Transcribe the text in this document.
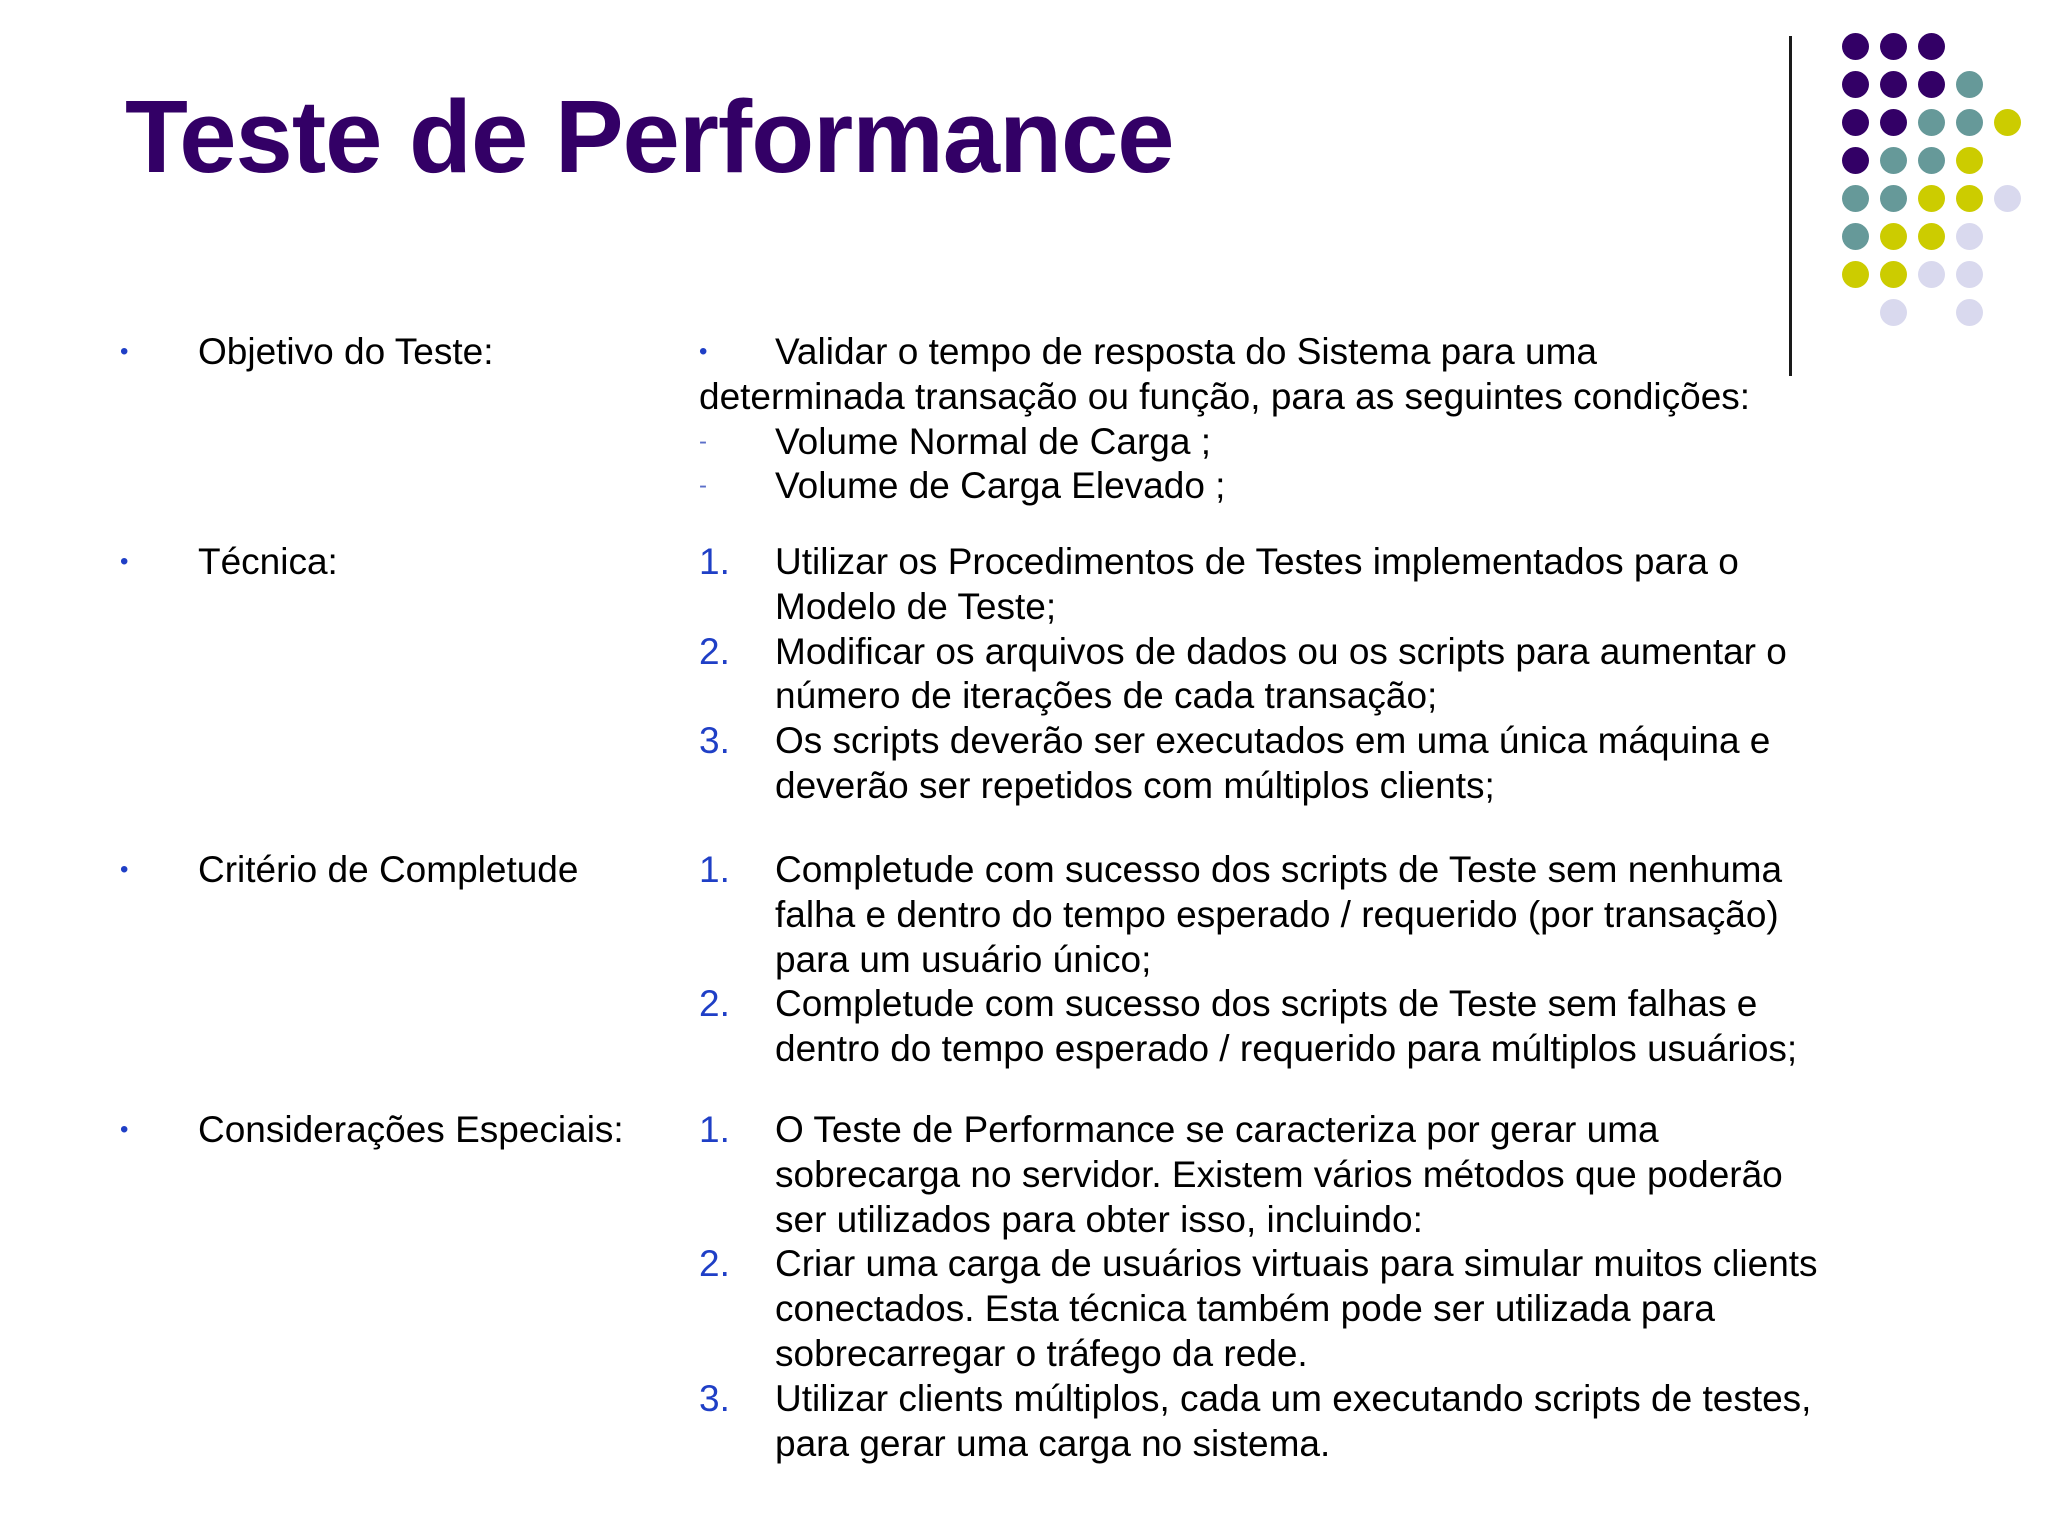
Teste de Performance
• Objetivo do Teste:	• Validar o tempo de resposta do Sistema para uma
determinada transação ou função, para as seguintes condições:
- Volume Normal de Carga ;
- Volume de Carga Elevado ;
• Técnica:	1. Utilizar os Procedimentos de Testes implementados para o
Modelo de Teste;
2. Modificar os arquivos de dados ou os scripts para aumentar o
número de iterações de cada transação;
3. Os scripts deverão ser executados em uma única máquina e
deverão ser repetidos com múltiplos clients;
• Critério de Completude	1. Completude com sucesso dos scripts de Teste sem nenhuma
falha e dentro do tempo esperado / requerido (por transação)
para um usuário único;
2. Completude com sucesso dos scripts de Teste sem falhas e
dentro do tempo esperado / requerido para múltiplos usuários;
• Considerações Especiais: 1. O Teste de Performance se caracteriza por gerar uma
sobrecarga no servidor. Existem vários métodos que poderão
ser utilizados para obter isso, incluindo:
2. Criar uma carga de usuários virtuais para simular muitos clients
conectados. Esta técnica também pode ser utilizada para
sobrecarregar o tráfego da rede.
3. Utilizar clients múltiplos, cada um executando scripts de testes,
para gerar uma carga no sistema.
